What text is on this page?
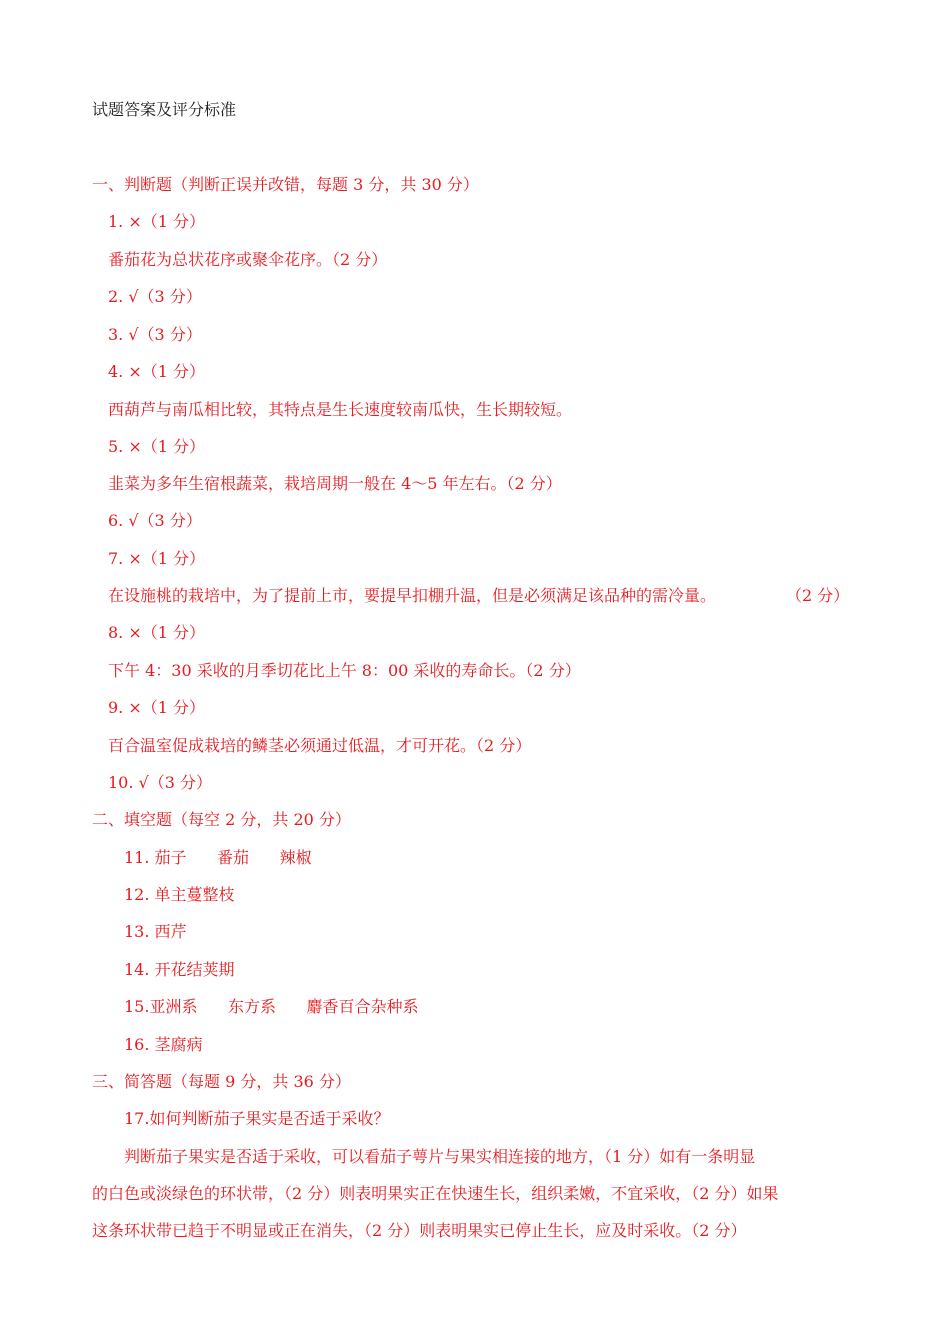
试题答案及评分标准
一、判断题（判断正误并改错，每题 3 分，共 30 分）
1. ×（1 分）
番茄花为总状花序或聚伞花序。（2 分）
2. √（3 分）
3. √（3 分）
4. ×（1 分）
西葫芦与南瓜相比较，其特点是生长速度较南瓜快，生长期较短。
5. ×（1 分）
韭菜为多年生宿根蔬菜，栽培周期一般在 4～5 年左右。（2 分）
6. √（3 分）
7. ×（1 分）
在设施桃的栽培中，为了提前上市，要提早扣棚升温，但是必须满足该品种的需冷量。	（2 分）
8. ×（1 分）
下午 4：30 采收的月季切花比上午 8：00 采收的寿命长。（2 分）
9. ×（1 分）
百合温室促成栽培的鳞茎必须通过低温，才可开花。（2 分）
10. √（3 分）
二、填空题（每空 2 分，共 20 分）
11. 茄子      番茄      辣椒
12. 单主蔓整枝
13. 西芹
14. 开花结荚期
15.亚洲系      东方系      麝香百合杂种系
16. 茎腐病
三、简答题（每题 9 分，共 36 分）
17.如何判断茄子果实是否适于采收？
判断茄子果实是否适于采收，可以看茄子萼片与果实相连接的地方，（1 分）如有一条明显
的白色或淡绿色的环状带，（2 分）则表明果实正在快速生长，组织柔嫩，不宜采收，（2 分）如果
这条环状带已趋于不明显或正在消失，（2 分）则表明果实已停止生长，应及时采收。（2 分）
